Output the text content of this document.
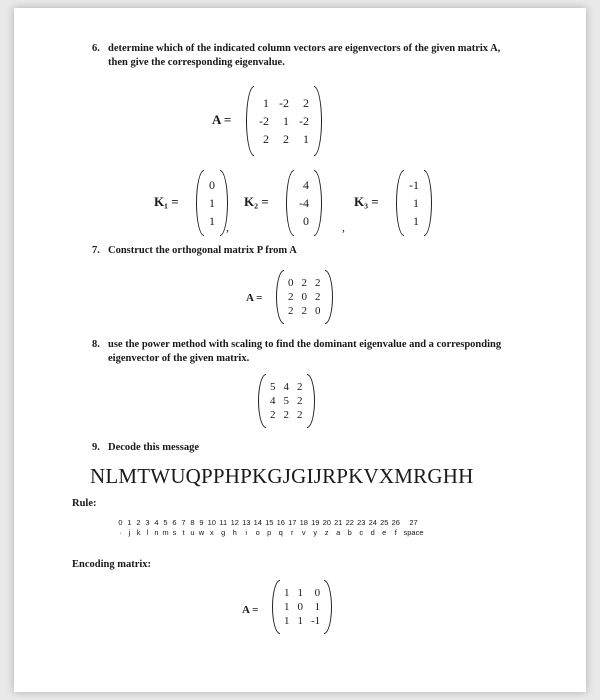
6. determine which of the indicated column vectors are eigenvectors of the given matrix A,
then give the corresponding eigenvalue.
A =
1	-2	2
-2	1	-2
2	2	1
K₁ =
0
1
1 ,
K₂ =
4
-4
0	,
K₃ =
-1
1
1
7. Construct the orthogonal matrix P from A
A =
0	2	2
2	0	2
2	2	0
8. use the power method with scaling to find the dominant eigenvalue and a corresponding
eigenvector of the given matrix.
5	4	2
4	5	2
2	2	2
9. Decode this message
NLMTWUQPPHPKGJGIJRPKVXMRGHH
Rule:
0 1 2 3 4 5 6 7 8 9 10 11 12 13 14 15 16 17 18 19 20 21 22 23 24 25 26 27
· j k l n m s t u w x g h i o p q r v y z a b c d e f space
Encoding matrix:
A =
1	1	0
1	0	1
1	1	-1
